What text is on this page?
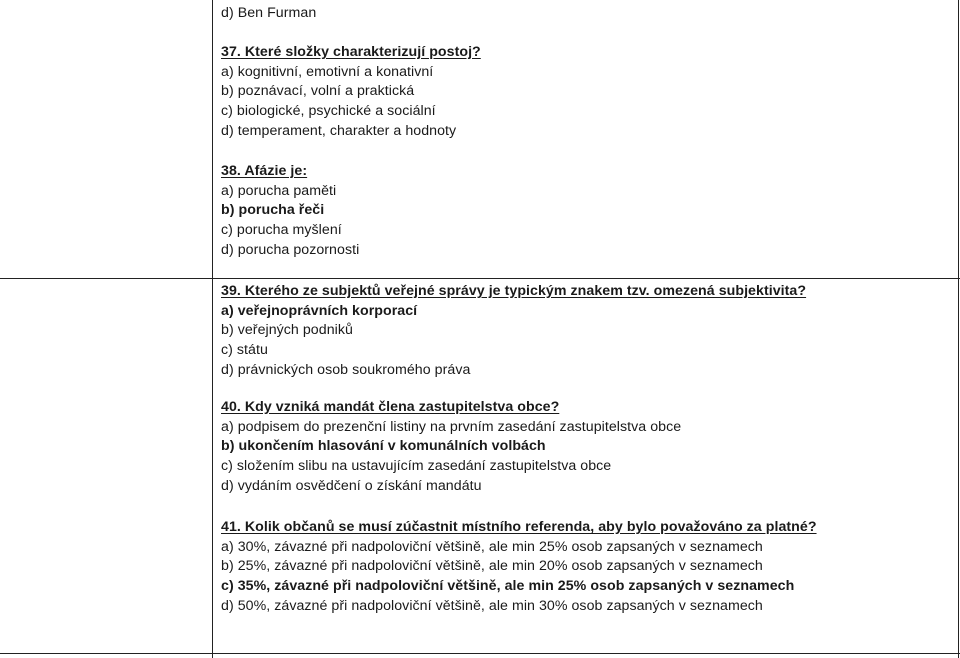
d) Ben Furman
37. Které složky charakterizují postoj?
a) kognitivní, emotivní a konativní
b) poznávací, volní a praktická
c) biologické, psychické a sociální
d) temperament, charakter a hodnoty
38. Afázie je:
a) porucha paměti
b) porucha řeči
c) porucha myšlení
d) porucha pozornosti
39. Kterého ze subjektů veřejné správy je typickým znakem tzv. omezená subjektivita?
a) veřejnoprávních korporací
b) veřejných podniků
c) státu
d) právnických osob soukromého práva
40. Kdy vzniká mandát člena zastupitelstva obce?
a) podpisem do prezenční listiny na prvním zasedání zastupitelstva obce
b) ukončením hlasování v komunálních volbách
c) složením slibu na ustavujícím zasedání zastupitelstva obce
d) vydáním osvědčení o získání mandátu
41. Kolik občanů se musí zúčastnit místního referenda, aby bylo považováno za platné?
a) 30%, závazné při nadpoloviční většině, ale min 25% osob zapsaných v seznamech
b) 25%, závazné při nadpoloviční většině, ale min 20% osob zapsaných v seznamech
c) 35%, závazné při nadpoloviční většině, ale min 25% osob zapsaných v seznamech
d) 50%, závazné při nadpoloviční většině, ale min 30% osob zapsaných v seznamech
